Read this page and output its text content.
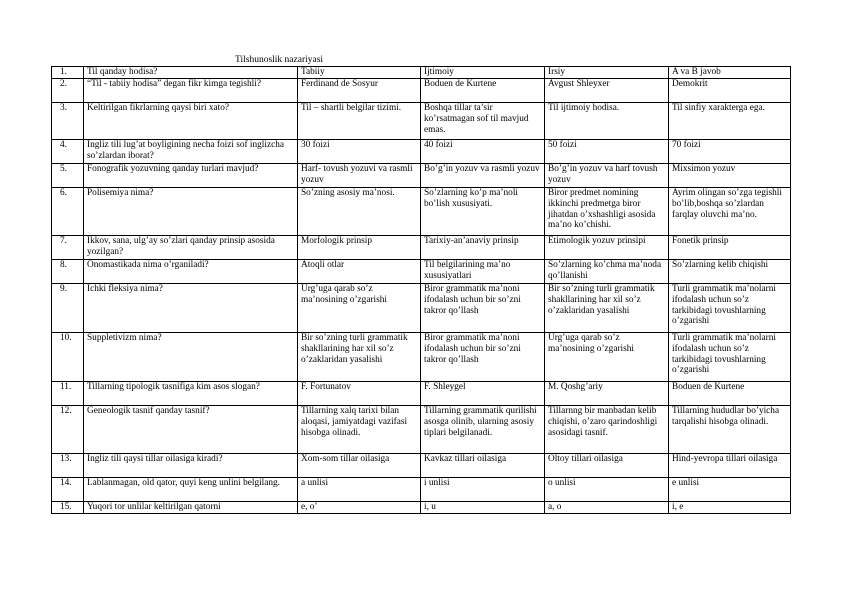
Tilshunoslik nazariyasi
1.	Til qanday hodisa?	Tabiiy	Ijtimoiy	Irsiy	A va B javob
2.	“Til - tabiiy hodisa” degan fikr kimga tegishli?	Ferdinand de Sosyur	Boduen de Kurtene	Avgust Shleyxer	Demokrit
3.	Keltirilgan fikrlarning qaysi biri xato?	Til – shartli belgilar tizimi.	Boshqa tillar ta’sir ko’rsatmagan sof til mavjud emas.	Til ijtimoiy hodisa.	Til sinfiy xarakterga ega.
4.	Ingliz tili lug’at boyligining necha foizi sof inglizcha so’zlardan iborat?	30 foizi	40 foizi	50 foizi	70 foizi
5.	Fonografik yozuvning qanday turlari mavjud?	Harf- tovush yozuvi va rasmli yozuv	Bo’g’in yozuv va rasmli yozuv	Bo’g’in yozuv va harf tovush yozuv	Mixsimon yozuv
6.	Polisemiya nima?	So’zning asosiy ma’nosi.	So’zlarning ko’p ma’noli bo’lish xususiyati.	Biror predmet nomining ikkinchi predmetga biror jihatdan o’xshashligi asosida ma’no ko’chishi.	Ayrim olingan so’zga tegishli bo’lib,boshqa so’zlardan farqlay oluvchi ma’no.
7.	Ikkov, sana, ulg’ay so’zlari qanday prinsip asosida yozilgan?	Morfologik prinsip	Tarixiy-an’anaviy prinsip	Etimologik yozuv prinsipi	Fonetik prinsip
8.	Onomastikada nima o’rganiladi?	Atoqli otlar	Til belgilarining ma’no xususiyatlari	So’zlarning ko’chma ma’noda qo’llanishi	So’zlarning kelib chiqishi
9.	Ichki fleksiya nima?	Urg’uga qarab so’z ma’nosining o’zgarishi	Biror grammatik ma’noni ifodalash uchun bir so’zni takror qo’llash	Bir so’zning turli grammatik shakllarining har xil so’z o’zaklaridan yasalishi	Turli grammatik ma’nolarni ifodalash uchun so’z tarkibidagi tovushlarning o’zgarishi
10.	Suppletivizm nima?	Bir so’zning turli grammatik shakllarining har xil so’z o’zaklaridan yasalishi	Biror grammatik ma’noni ifodalash uchun bir so’zni takror qo’llash	Urg’uga qarab so’z ma’nosining o’zgarishi	Turli grammatik ma’nolarni ifodalash uchun so’z tarkibidagi tovushlarning o’zgarishi
11.	Tillarning tipologik tasnifiga kim asos slogan?	F. Fortunatov	F. Shleygel	M. Qoshg’ariy	Boduen de Kurtene
12.	Geneologik tasnif qanday tasnif?	Tillarning xalq tarixi bilan aloqasi, jamiyatdagi vazifasi hisobga olinadi.	Tillarning grammatik qurilishi asosga olinib, ularning asosiy tiplari belgilanadi.	Tillarnng bir manbadan kelib chiqishi, o’zaro qarindoshligi asosidagi tasnif.	Tillarning hududlar bo’yicha tarqalishi hisobga olinadi.
13.	Ingliz tili qaysi tillar oilasiga kiradi?	Xom-som tillar oilasiga	Kavkaz tillari oilasiga	Oltoy tillari oilasiga	Hind-yevropa tillari oilasiga
14.	Lablanmagan, old qator, quyi keng unlini belgilang.	a unlisi	i unlisi	o unlisi	e unlisi
15.	Yuqori tor unlilar keltirilgan qatorni	e, o’	i, u	a, o	i, e
